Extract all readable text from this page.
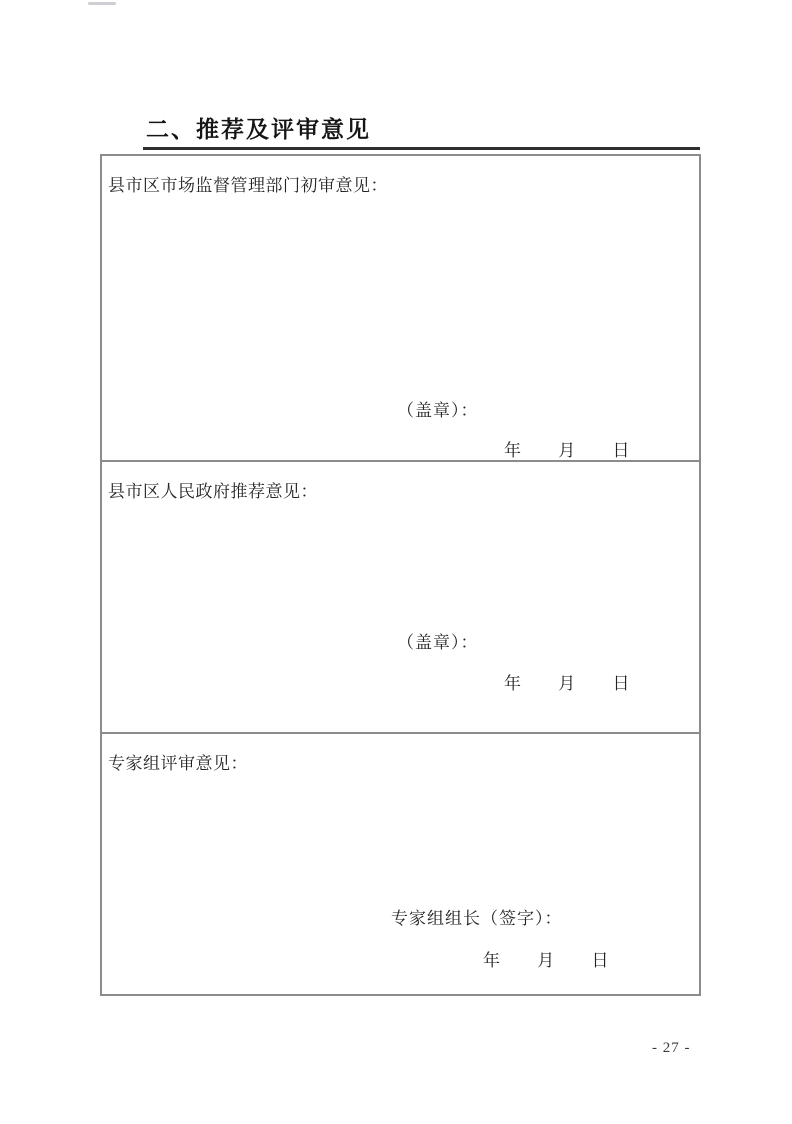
二、推荐及评审意见
县市区市场监督管理部门初审意见：
（盖章）：
年 月 日
县市区人民政府推荐意见：
（盖章）：
年 月 日
专家组评审意见：
专家组组长（签字）：
年 月 日
- 27 -
